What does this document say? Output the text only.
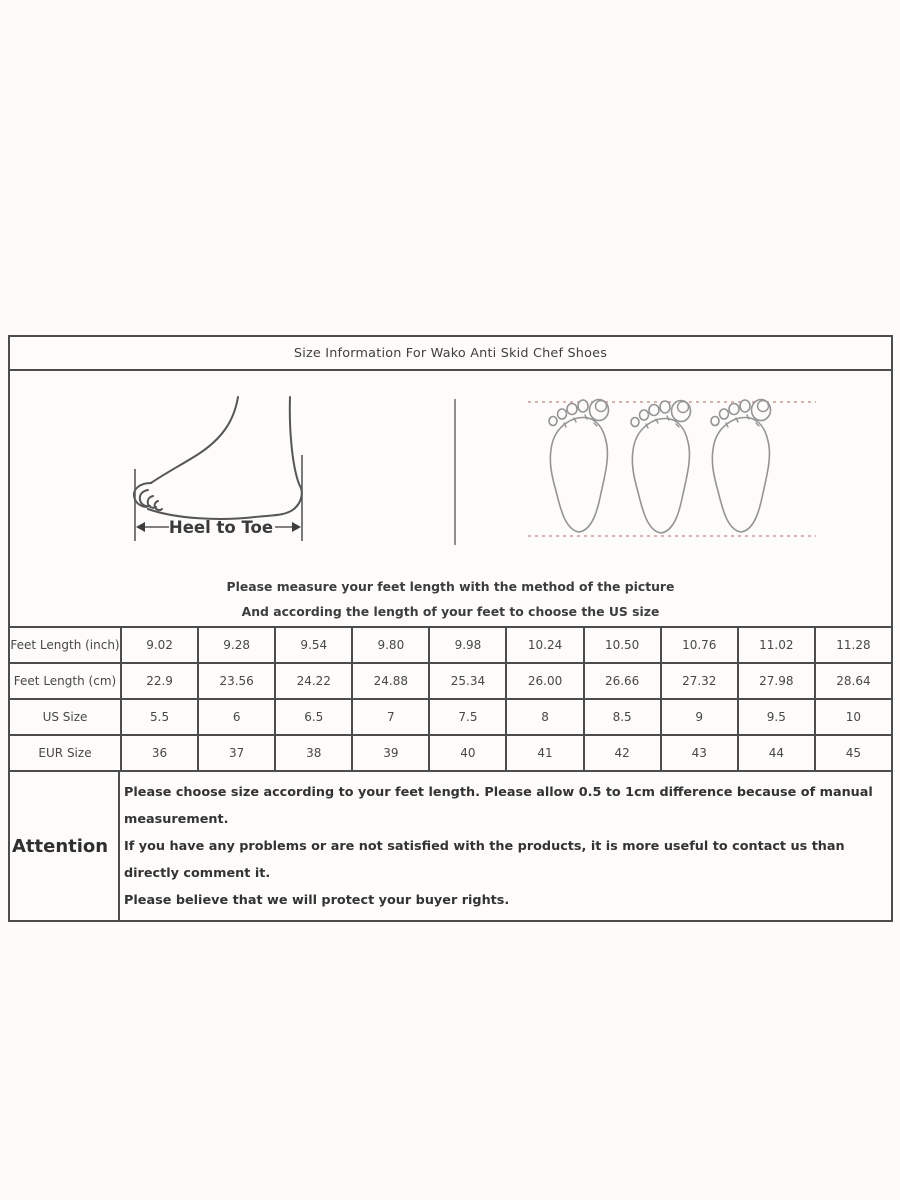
Size Information For Wako Anti Skid Chef Shoes
Heel to Toe
Please measure your feet length with the method of the picture
And according the length of your feet to choose the US size
Feet Length (inch)	9.02	9.28	9.54	9.80	9.98	10.24	10.50	10.76	11.02	11.28
Feet Length (cm)	22.9	23.56	24.22	24.88	25.34	26.00	26.66	27.32	27.98	28.64
US Size	5.5	6	6.5	7	7.5	8	8.5	9	9.5	10
EUR Size	36	37	38	39	40	41	42	43	44	45
Attention
Please choose size according to your feet length. Please allow 0.5 to 1cm difference because of manual measurement.
If you have any problems or are not satisfied with the products, it is more useful to contact us than directly comment it.
Please believe that we will protect your buyer rights.
